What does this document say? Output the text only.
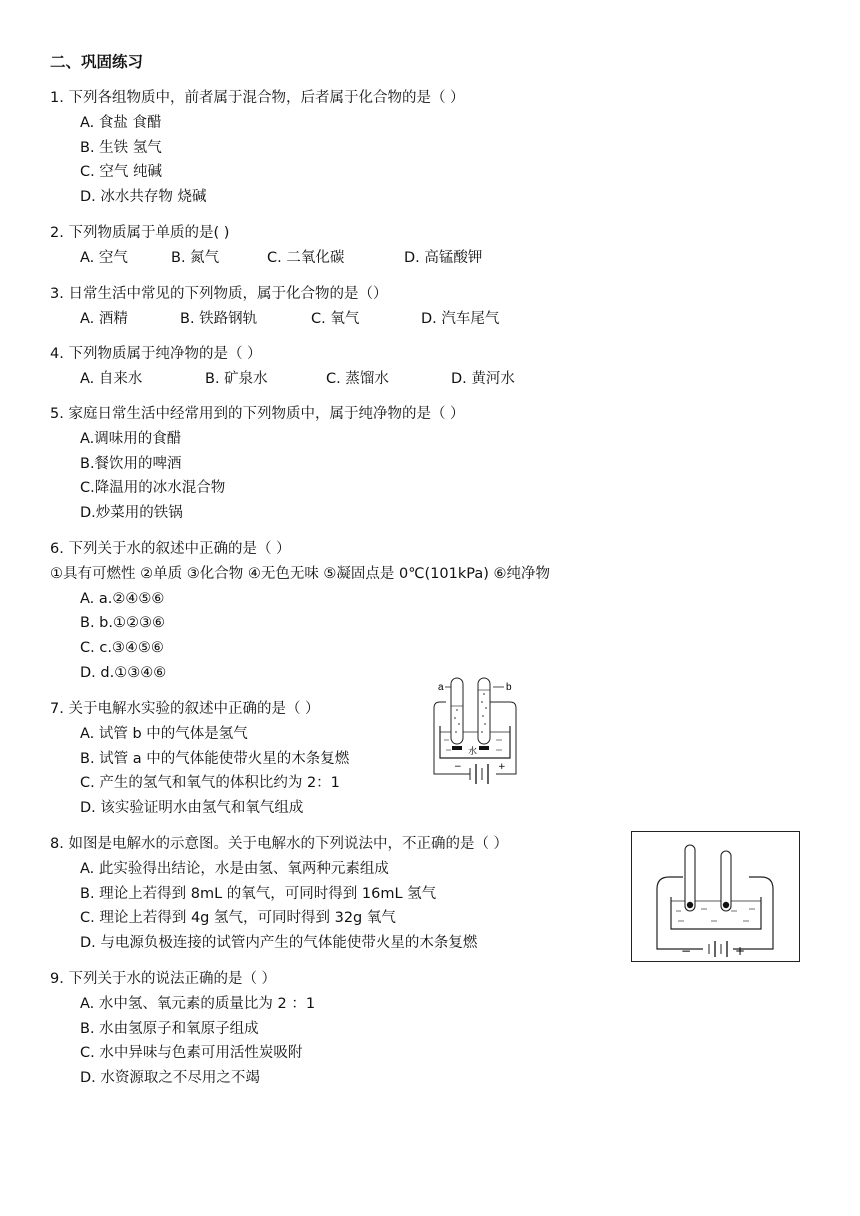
二、巩固练习
1. 下列各组物质中，前者属于混合物，后者属于化合物的是（ ）
A. 食盐 食醋
B. 生铁 氢气
C. 空气 纯碱
D. 冰水共存物 烧碱
2. 下列物质属于单质的是( )
A. 空气	B. 氮气	C. 二氧化碳	D. 高锰酸钾
3. 日常生活中常见的下列物质，属于化合物的是（）
A. 酒精	B. 铁路钢轨	C. 氧气	D. 汽车尾气
4. 下列物质属于纯净物的是（ ）
A. 自来水	B. 矿泉水	C. 蒸馏水	D. 黄河水
5. 家庭日常生活中经常用到的下列物质中，属于纯净物的是（ ）
A.调味用的食醋
B.餐饮用的啤酒
C.降温用的冰水混合物
D.炒菜用的铁锅
6. 下列关于水的叙述中正确的是（ ）
①具有可燃性 ②单质 ③化合物 ④无色无味 ⑤凝固点是 0℃(101kPa) ⑥纯净物
A. a.②④⑤⑥
B. b.①②③⑥
C. c.③④⑤⑥
D. d.①③④⑥
7. 关于电解水实验的叙述中正确的是（ ）
A. 试管 b 中的气体是氢气
B. 试管 a 中的气体能使带火星的木条复燃
C. 产生的氢气和氧气的体积比约为 2：1
D. 该实验证明水由氢气和氧气组成
a	b
水
−	+
8. 如图是电解水的示意图。关于电解水的下列说法中，不正确的是（ ）
A. 此实验得出结论，水是由氢、氧两种元素组成
B. 理论上若得到 8mL 的氧气，可同时得到 16mL 氢气
C. 理论上若得到 4g 氢气，可同时得到 32g 氧气
D. 与电源负极连接的试管内产生的气体能使带火星的木条复燃	−	+
9. 下列关于水的说法正确的是（ ）
A. 水中氢、氧元素的质量比为 2 ：1
B. 水由氢原子和氧原子组成
C. 水中异味与色素可用活性炭吸附
D. 水资源取之不尽用之不竭
